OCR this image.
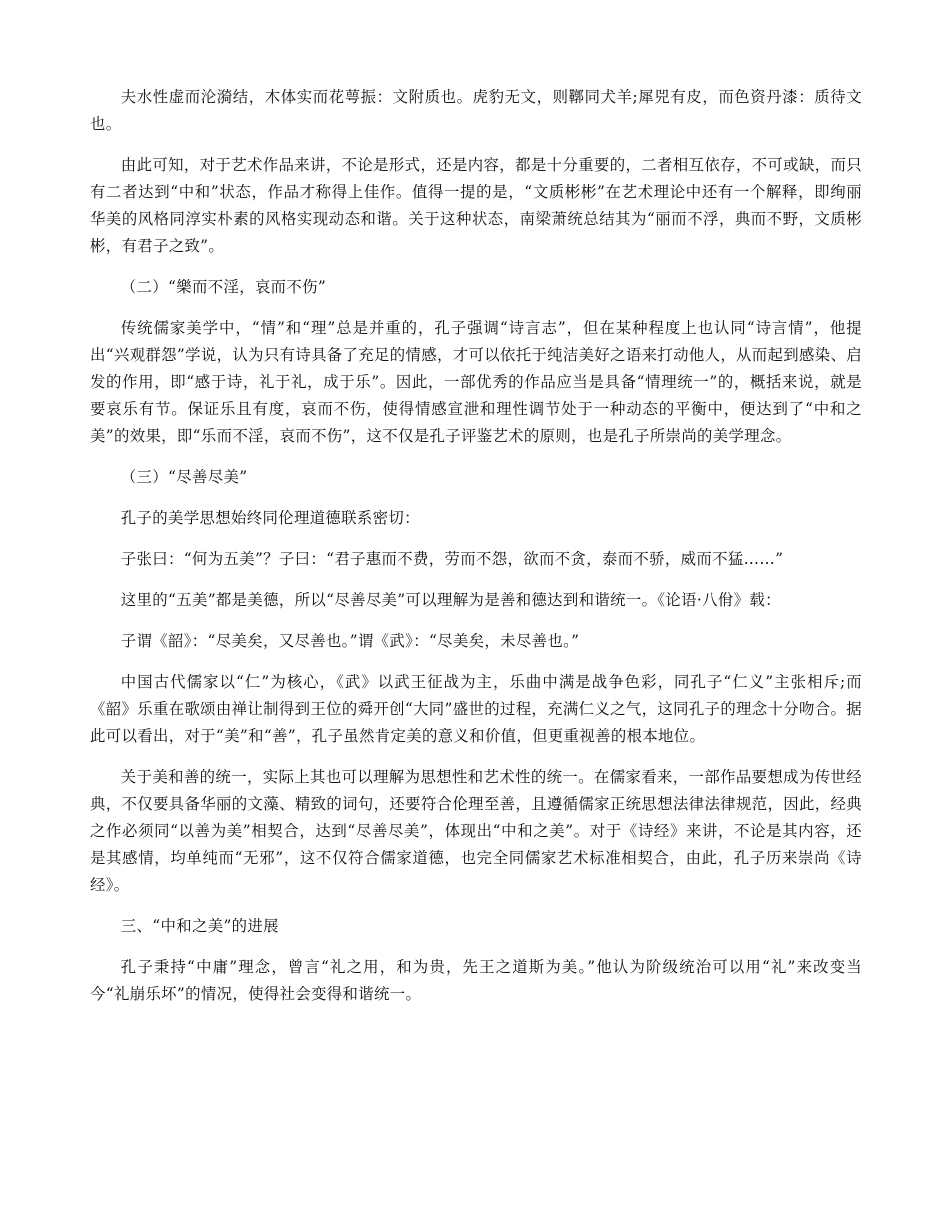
夫水性虚而沦漪结，木体实而花萼振：文附质也。虎豹无文，则鞹同犬羊;犀兕有皮，而色资丹漆：质待文也。

由此可知，对于艺术作品来讲，不论是形式，还是内容，都是十分重要的，二者相互依存，不可或缺，而只有二者达到“中和”状态，作品才称得上佳作。值得一提的是，“文质彬彬”在艺术理论中还有一个解释，即绚丽华美的风格同淳实朴素的风格实现动态和谐。关于这种状态，南梁萧统总结其为“丽而不浮，典而不野，文质彬彬，有君子之致”。

（二）“樂而不淫，哀而不伤”

传统儒家美学中，“情”和“理”总是并重的，孔子强调“诗言志”，但在某种程度上也认同“诗言情”，他提出“兴观群怨”学说，认为只有诗具备了充足的情感，才可以依托于纯洁美好之语来打动他人，从而起到感染、启发的作用，即“感于诗，礼于礼，成于乐”。因此，一部优秀的作品应当是具备“情理统一”的，概括来说，就是要哀乐有节。保证乐且有度，哀而不伤，使得情感宣泄和理性调节处于一种动态的平衡中，便达到了“中和之美”的效果，即“乐而不淫，哀而不伤”，这不仅是孔子评鉴艺术的原则，也是孔子所崇尚的美学理念。

（三）“尽善尽美”

孔子的美学思想始终同伦理道德联系密切：

子张曰：“何为五美”？子曰：“君子惠而不费，劳而不怨，欲而不贪，泰而不骄，威而不猛……”

这里的“五美”都是美德，所以“尽善尽美”可以理解为是善和德达到和谐统一。《论语·八佾》载：

子谓《韶》：“尽美矣，又尽善也。”谓《武》：“尽美矣，未尽善也。”

中国古代儒家以“仁”为核心，《武》以武王征战为主，乐曲中满是战争色彩，同孔子“仁义”主张相斥;而《韶》乐重在歌颂由禅让制得到王位的舜开创“大同”盛世的过程，充满仁义之气，这同孔子的理念十分吻合。据此可以看出，对于“美”和“善”，孔子虽然肯定美的意义和价值，但更重视善的根本地位。

关于美和善的统一，实际上其也可以理解为思想性和艺术性的统一。在儒家看来，一部作品要想成为传世经典，不仅要具备华丽的文藻、精致的词句，还要符合伦理至善，且遵循儒家正统思想法律法律规范，因此，经典之作必须同“以善为美”相契合，达到“尽善尽美”，体现出“中和之美”。对于《诗经》来讲，不论是其内容，还是其感情，均单纯而“无邪”，这不仅符合儒家道德，也完全同儒家艺术标准相契合，由此，孔子历来崇尚《诗经》。

三、“中和之美”的进展

孔子秉持“中庸”理念，曾言“礼之用，和为贵，先王之道斯为美。”他认为阶级统治可以用“礼”来改变当今“礼崩乐坏”的情况，使得社会变得和谐统一。
